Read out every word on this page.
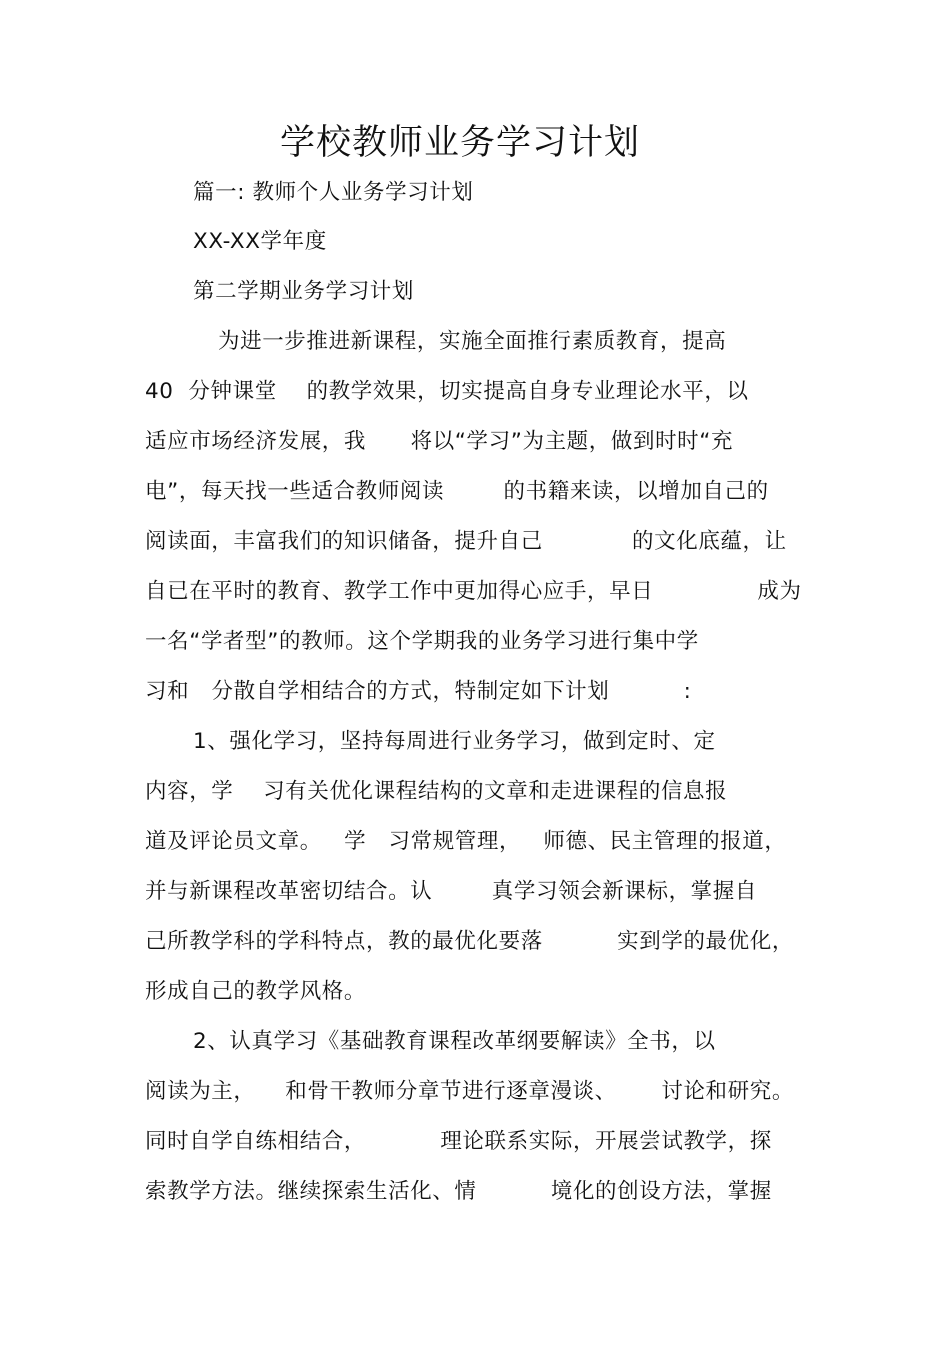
学校教师业务学习计划
篇一: 教师个人业务学习计划
XX-XX学年度
第二学期业务学习计划
为进一步推进新课程，实施全面推行素质教育，提高
40  分钟课堂    的教学效果，切实提高自身专业理论水平，以
适应市场经济发展，我      将以“学习”为主题，做到时时“充
电”，每天找一些适合教师阅读        的书籍来读，以增加自己的
阅读面，丰富我们的知识储备，提升自己            的文化底蕴，让
自已在平时的教育、教学工作中更加得心应手，早日              成为
一名“学者型”的教师。这个学期我的业务学习进行集中学
习和   分散自学相结合的方式，特制定如下计划          :
1、强化学习，坚持每周进行业务学习，做到定时、定
内容，学    习有关优化课程结构的文章和走进课程的信息报
道及评论员文章。   学   习常规管理，   师德、民主管理的报道，
并与新课程改革密切结合。认        真学习领会新课标，掌握自
己所教学科的学科特点，教的最优化要落          实到学的最优化，
形成自己的教学风格。
2、认真学习《基础教育课程改革纲要解读》全书，以
阅读为主，    和骨干教师分章节进行逐章漫谈、      讨论和研究。
同时自学自练相结合，          理论联系实际，开展尝试教学，探
索教学方法。继续探索生活化、情          境化的创设方法，掌握
